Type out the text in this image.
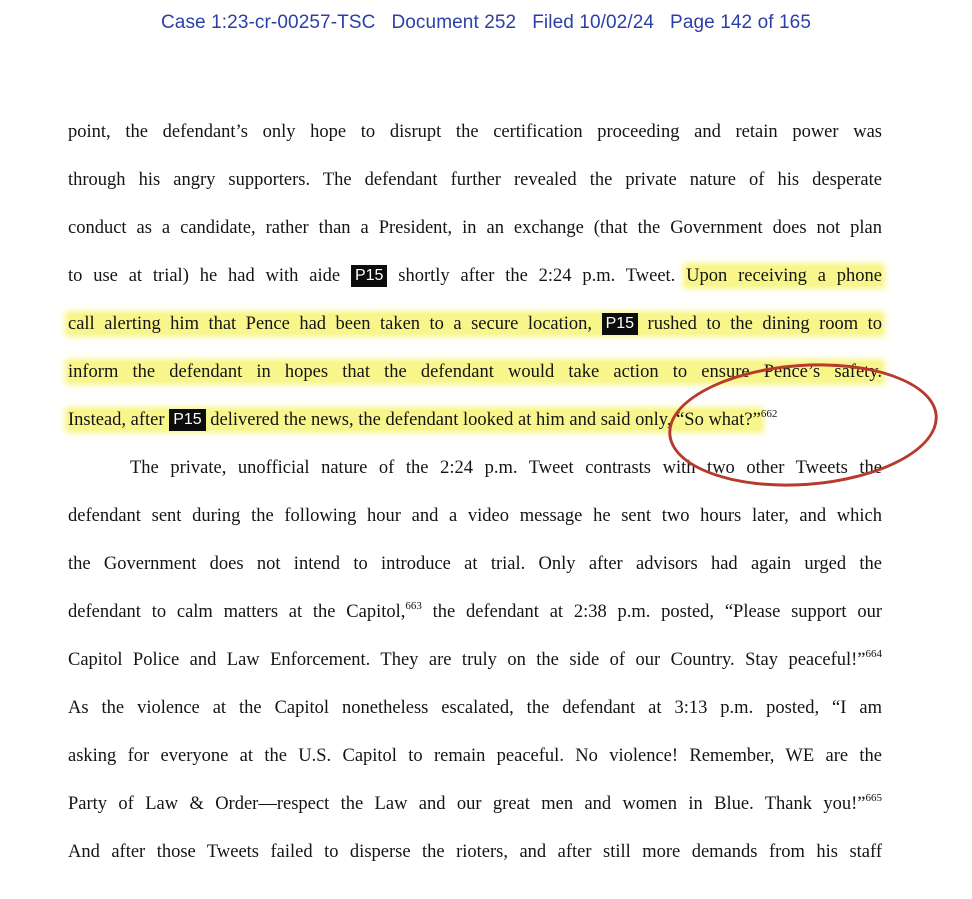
Case 1:23-cr-00257-TSC Document 252 Filed 10/02/24 Page 142 of 165
point, the defendant’s only hope to disrupt the certification proceeding and retain power was
through his angry supporters. The defendant further revealed the private nature of his desperate
conduct as a candidate, rather than a President, in an exchange (that the Government does not plan
to use at trial) he had with aide P15 shortly after the 2:24 p.m. Tweet. Upon receiving a phone
call alerting him that Pence had been taken to a secure location, P15 rushed to the dining room to
inform the defendant in hopes that the defendant would take action to ensure Pence’s safety.
Instead, after P15 delivered the news, the defendant looked at him and said only, “So what?”$^{662}$
The private, unofficial nature of the 2:24 p.m. Tweet contrasts with two other Tweets the
defendant sent during the following hour and a video message he sent two hours later, and which
the Government does not intend to introduce at trial. Only after advisors had again urged the
defendant to calm matters at the Capitol,$^{663}$ the defendant at 2:38 p.m. posted, “Please support our
Capitol Police and Law Enforcement. They are truly on the side of our Country. Stay peaceful!”$^{664}$
As the violence at the Capitol nonetheless escalated, the defendant at 3:13 p.m. posted, “I am
asking for everyone at the U.S. Capitol to remain peaceful. No violence! Remember, WE are the
Party of Law & Order—respect the Law and our great men and women in Blue. Thank you!”$^{665}$
And after those Tweets failed to disperse the rioters, and after still more demands from his staff
